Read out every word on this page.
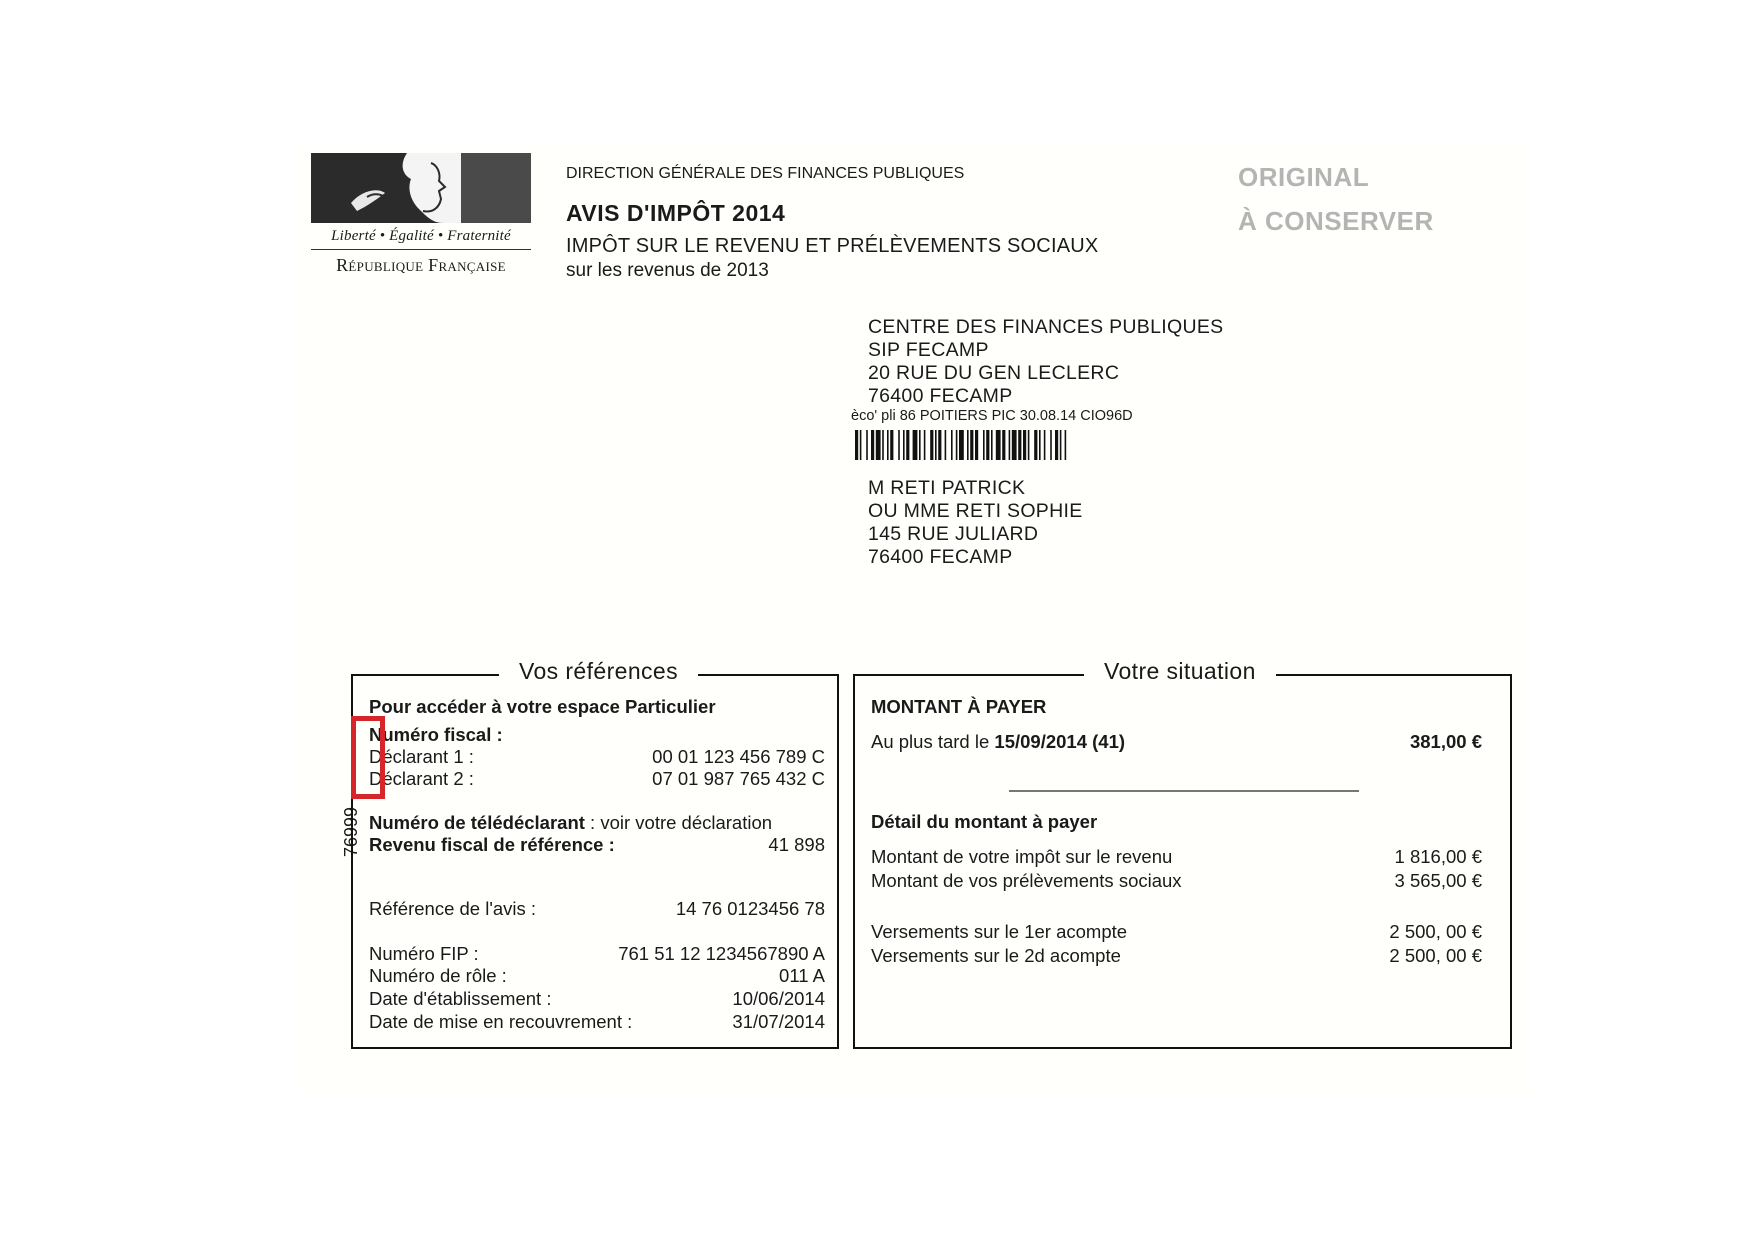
Liberté • Égalité • Fraternité
République Française
DIRECTION GÉNÉRALE DES FINANCES PUBLIQUES
AVIS D'IMPÔT 2014
IMPÔT SUR LE REVENU ET PRÉLÈVEMENTS SOCIAUX
sur les revenus de 2013
ORIGINAL
À CONSERVER
CENTRE DES FINANCES PUBLIQUES
SIP FECAMP
20 RUE DU GEN LECLERC
76400 FECAMP
èco' pli 86 POITIERS PIC 30.08.14 CIO96D
M RETI PATRICK
OU MME RETI SOPHIE
145 RUE JULIARD
76400 FECAMP
76999
Vos références
Pour accéder à votre espace Particulier
Numéro fiscal :
Déclarant 1 :	00 01 123 456 789 C
Déclarant 2 :	07 01 987 765 432 C
Numéro de télédéclarant : voir votre déclaration
Revenu fiscal de référence :	41 898
Référence de l'avis :	14 76 0123456 78
Numéro FIP :	761 51 12 1234567890 A
Numéro de rôle :	011 A
Date d'établissement :	10/06/2014
Date de mise en recouvrement :	31/07/2014
Votre situation
MONTANT À PAYER
Au plus tard le 15/09/2014 (41)	381,00 €
Détail du montant à payer
Montant de votre impôt sur le revenu	1 816,00 €
Montant de vos prélèvements sociaux	3 565,00 €
Versements sur le 1er acompte	2 500, 00 €
Versements sur le 2d acompte	2 500, 00 €
